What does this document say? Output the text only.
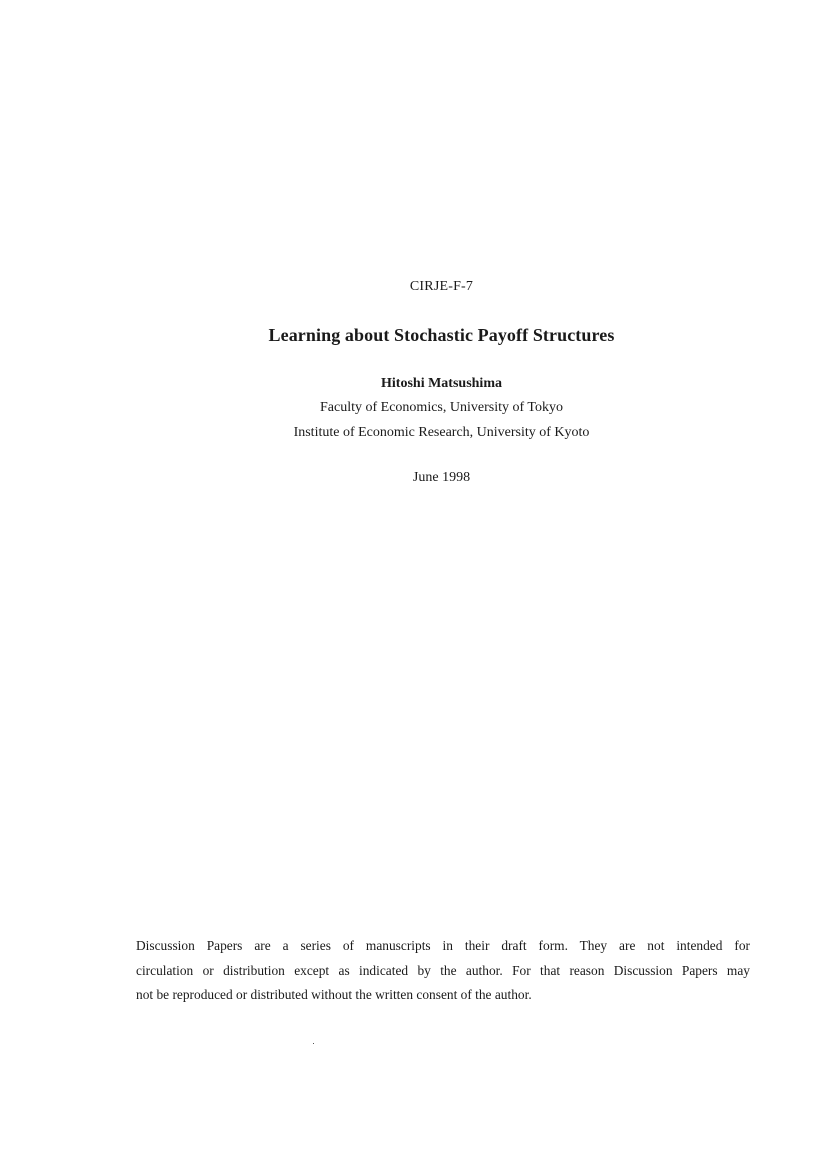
CIRJE-F-7
Learning about Stochastic Payoff Structures
Hitoshi Matsushima
Faculty of Economics, University of Tokyo
Institute of Economic Research, University of Kyoto
June 1998
Discussion Papers are a series of manuscripts in their draft form. They are not intended for
circulation or distribution except as indicated by the author. For that reason Discussion Papers may
not be reproduced or distributed without the written consent of the author.
